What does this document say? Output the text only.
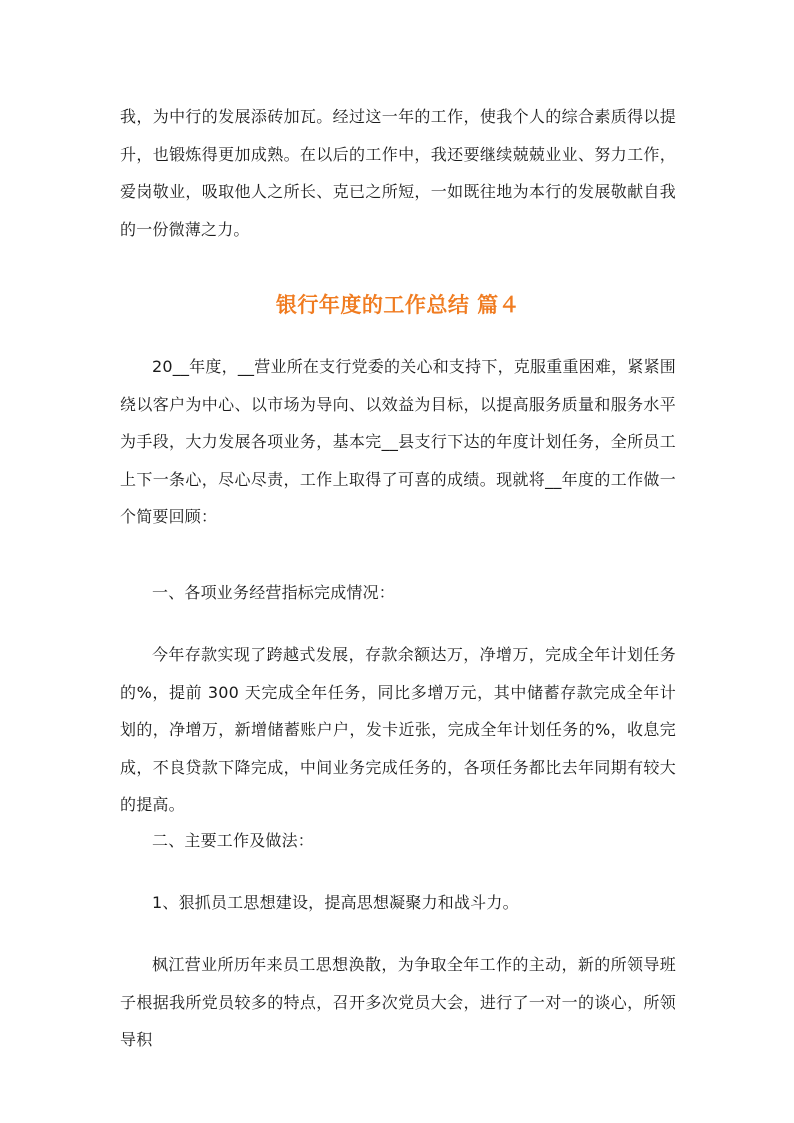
我，为中行的发展添砖加瓦。经过这一年的工作，使我个人的综合素质得以提升，也锻炼得更加成熟。在以后的工作中，我还要继续兢兢业业、努力工作，爱岗敬业，吸取他人之所长、克已之所短，一如既往地为本行的发展敬献自我的一份微薄之力。

银行年度的工作总结 篇４

20__年度，__营业所在支行党委的关心和支持下，克服重重困难，紧紧围绕以客户为中心、以市场为导向、以效益为目标，以提高服务质量和服务水平为手段，大力发展各项业务，基本完__县支行下达的年度计划任务，全所员工上下一条心，尽心尽责，工作上取得了可喜的成绩。现就将__年度的工作做一个简要回顾：

一、各项业务经营指标完成情况：

今年存款实现了跨越式发展，存款余额达万，净增万，完成全年计划任务的%，提前 300 天完成全年任务，同比多增万元，其中储蓄存款完成全年计划的，净增万，新增储蓄账户户，发卡近张，完成全年计划任务的%，收息完成，不良贷款下降完成，中间业务完成任务的，各项任务都比去年同期有较大的提高。

二、主要工作及做法：

1、狠抓员工思想建设，提高思想凝聚力和战斗力。

枫江营业所历年来员工思想涣散，为争取全年工作的主动，新的所领导班子根据我所党员较多的特点，召开多次党员大会，进行了一对一的谈心，所领导积
